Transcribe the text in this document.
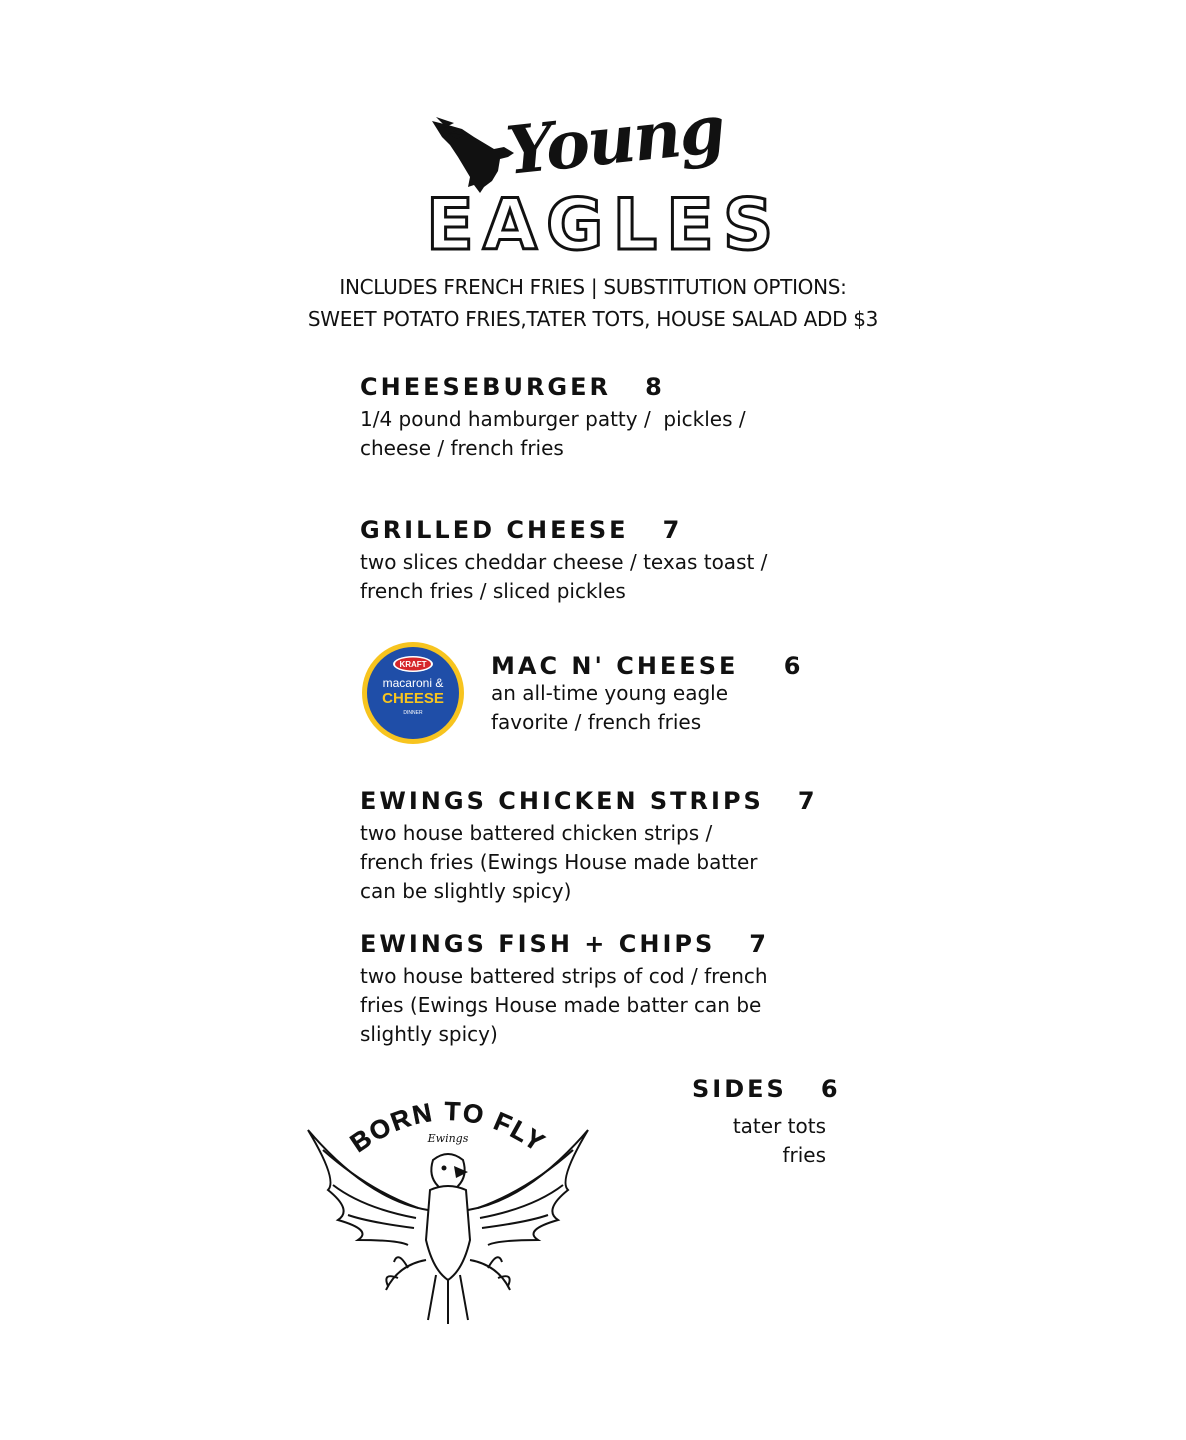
Young
EAGLES
INCLUDES FRENCH FRIES | SUBSTITUTION OPTIONS:
SWEET POTATO FRIES,TATER TOTS, HOUSE SALAD ADD $3
CHEESEBURGER   8
1/4 pound hamburger patty /  pickles /
cheese / french fries
GRILLED CHEESE   7
two slices cheddar cheese / texas toast /
french fries / sliced pickles
KRAFT
macaroni &
CHEESE
DINNER
MAC N' CHEESE    6
an all-time young eagle
favorite / french fries
EWINGS CHICKEN STRIPS   7
two house battered chicken strips /
french fries (Ewings House made batter
can be slightly spicy)
EWINGS FISH + CHIPS   7
two house battered strips of cod / french
fries (Ewings House made batter can be
slightly spicy)
BORN TO FLY
Ewings
SIDES   6
tater tots
fries
